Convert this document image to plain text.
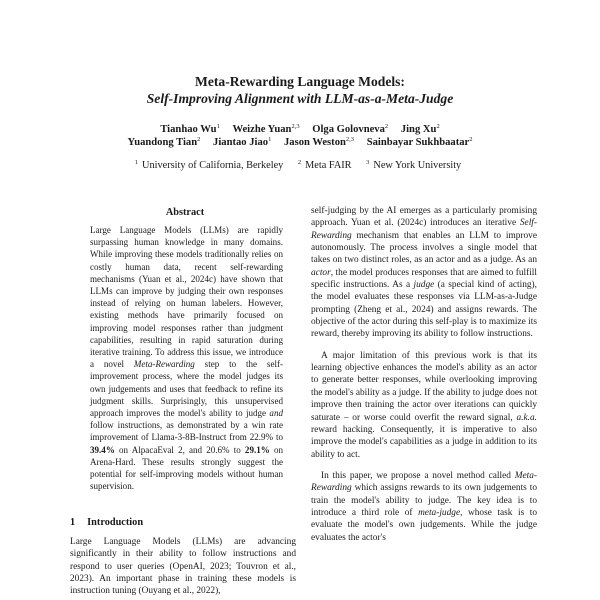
Meta-Rewarding Language Models:
Self-Improving Alignment with LLM-as-a-Meta-Judge
Tianhao Wu$^1$ Weizhe Yuan$^{2,3}$ Olga Golovneva$^2$ Jing Xu$^2$
Yuandong Tian$^2$ Jiantao Jiao$^1$ Jason Weston$^{2,3}$ Sainbayar Sukhbaatar$^2$
$^1$ University of California, Berkeley $^2$ Meta FAIR $^3$ New York University
Abstract

Large Language Models (LLMs) are rapidly surpassing human knowledge in many domains. While improving these models traditionally relies on costly human data, recent self-rewarding mechanisms (Yuan et al., 2024c) have shown that LLMs can improve by judging their own responses instead of relying on human labelers. However, existing methods have primarily focused on improving model responses rather than judgment capabilities, resulting in rapid saturation during iterative training. To address this issue, we introduce a novel Meta-Rewarding step to the self-improvement process, where the model judges its own judgements and uses that feedback to refine its judgment skills. Surprisingly, this unsupervised approach improves the model's ability to judge and follow instructions, as demonstrated by a win rate improvement of Llama-3-8B-Instruct from 22.9% to 39.4% on AlpacaEval 2, and 20.6% to 29.1% on Arena-Hard. These results strongly suggest the potential for self-improving models without human supervision.

1 Introduction

Large Language Models (LLMs) are advancing significantly in their ability to follow instructions and respond to user queries (OpenAI, 2023; Touvron et al., 2023). An important phase in training these models is instruction tuning (Ouyang et al., 2022),

self-judging by the AI emerges as a particularly promising approach. Yuan et al. (2024c) introduces an iterative Self-Rewarding mechanism that enables an LLM to improve autonomously. The process involves a single model that takes on two distinct roles, as an actor and as a judge. As an actor, the model produces responses that are aimed to fulfill specific instructions. As a judge (a special kind of acting), the model evaluates these responses via LLM-as-a-Judge prompting (Zheng et al., 2024) and assigns rewards. The objective of the actor during this self-play is to maximize its reward, thereby improving its ability to follow instructions.

A major limitation of this previous work is that its learning objective enhances the model's ability as an actor to generate better responses, while overlooking improving the model's ability as a judge. If the ability to judge does not improve then training the actor over iterations can quickly saturate – or worse could overfit the reward signal, a.k.a. reward hacking. Consequently, it is imperative to also improve the model's capabilities as a judge in addition to its ability to act.

In this paper, we propose a novel method called Meta-Rewarding which assigns rewards to its own judgements to train the model's ability to judge. The key idea is to introduce a third role of meta-judge, whose task is to evaluate the model's own judgements. While the judge evaluates the actor's
